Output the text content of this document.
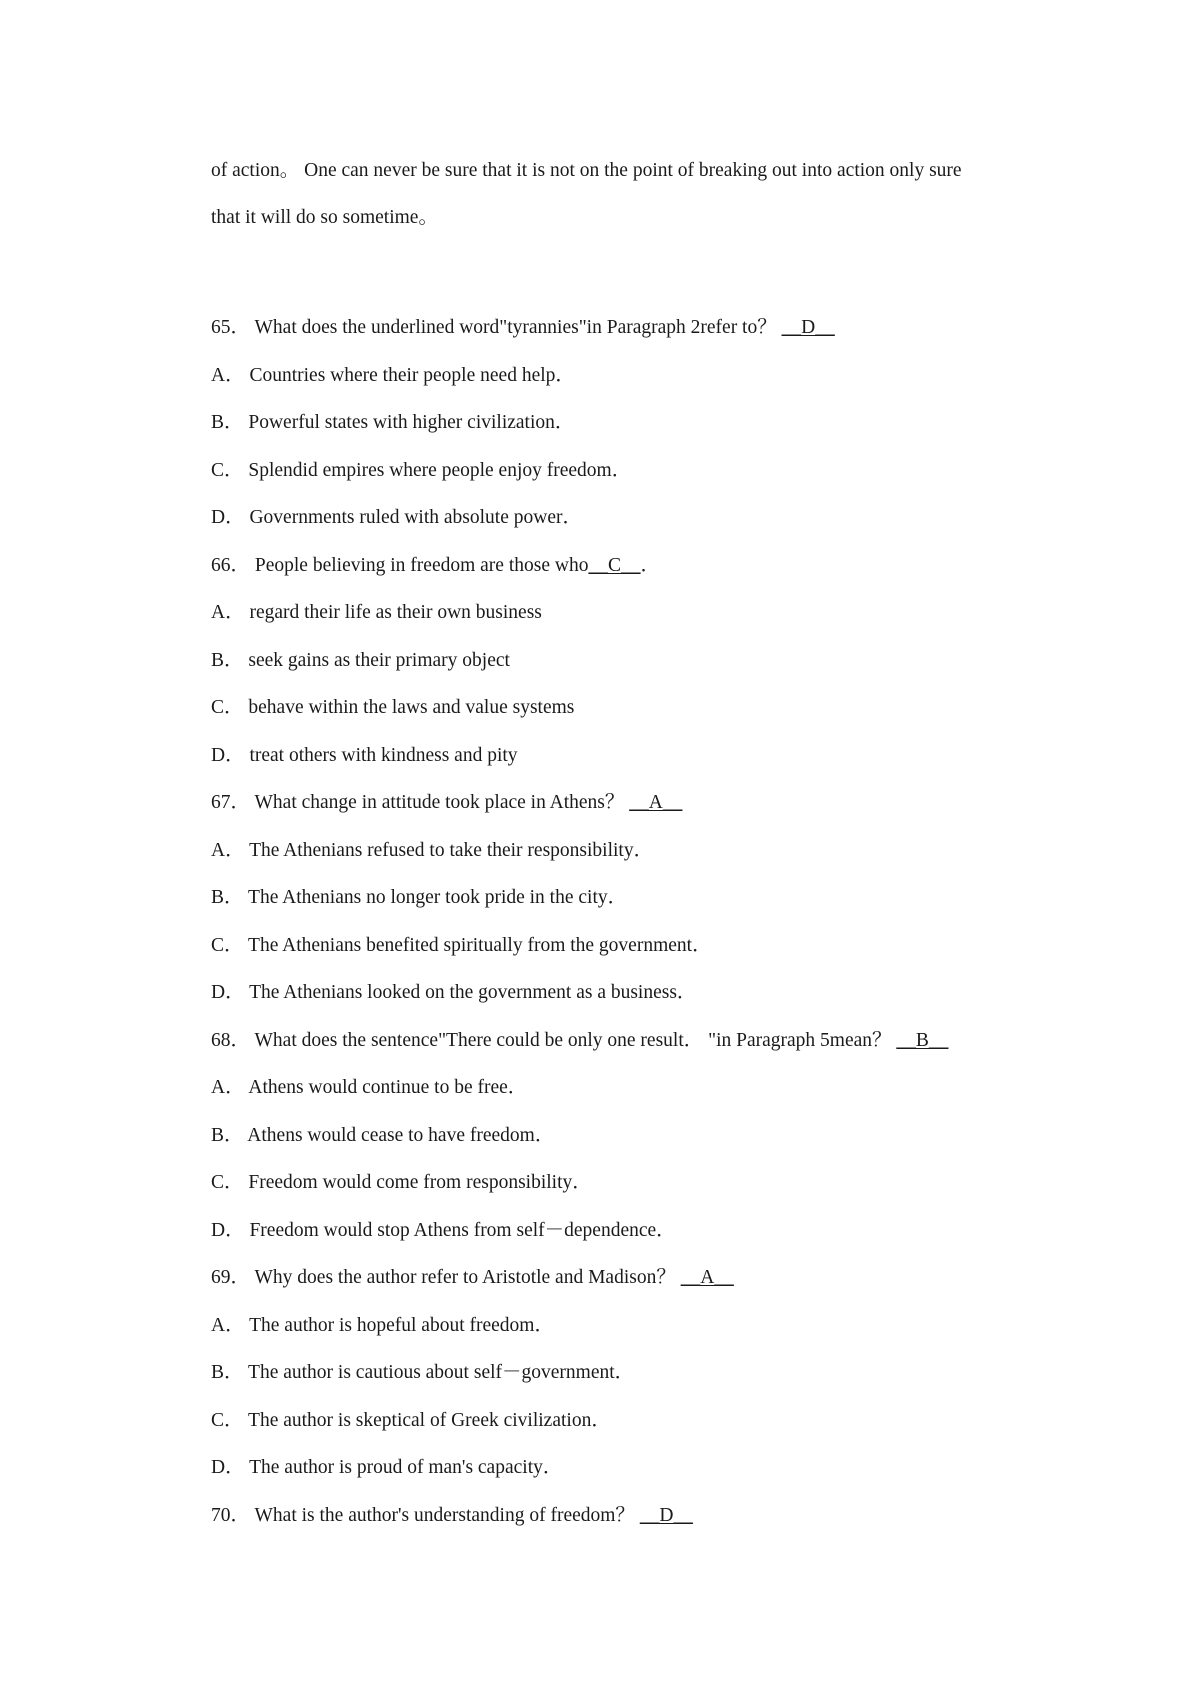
of action。 One can never be sure that it is not on the point of breaking out into action only sure
that it will do so sometime。
65． What does the underlined word"tyrannies"in Paragraph 2refer to？ __D__
A． Countries where their people need help．
B． Powerful states with higher civilization．
C． Splendid empires where people enjoy freedom．
D． Governments ruled with absolute power．
66． People believing in freedom are those who__C__．
A． regard their life as their own business
B． seek gains as their primary object
C． behave within the laws and value systems
D． treat others with kindness and pity
67． What change in attitude took place in Athens？ __A__
A． The Athenians refused to take their responsibility．
B． The Athenians no longer took pride in the city．
C． The Athenians benefited spiritually from the government．
D． The Athenians looked on the government as a business．
68． What does the sentence"There could be only one result． "in Paragraph 5mean？ __B__
A． Athens would continue to be free．
B． Athens would cease to have freedom．
C． Freedom would come from responsibility．
D． Freedom would stop Athens from self－dependence．
69． Why does the author refer to Aristotle and Madison？ __A__
A． The author is hopeful about freedom．
B． The author is cautious about self－government．
C． The author is skeptical of Greek civilization．
D． The author is proud of man's capacity．
70． What is the author's understanding of freedom？ __D__
